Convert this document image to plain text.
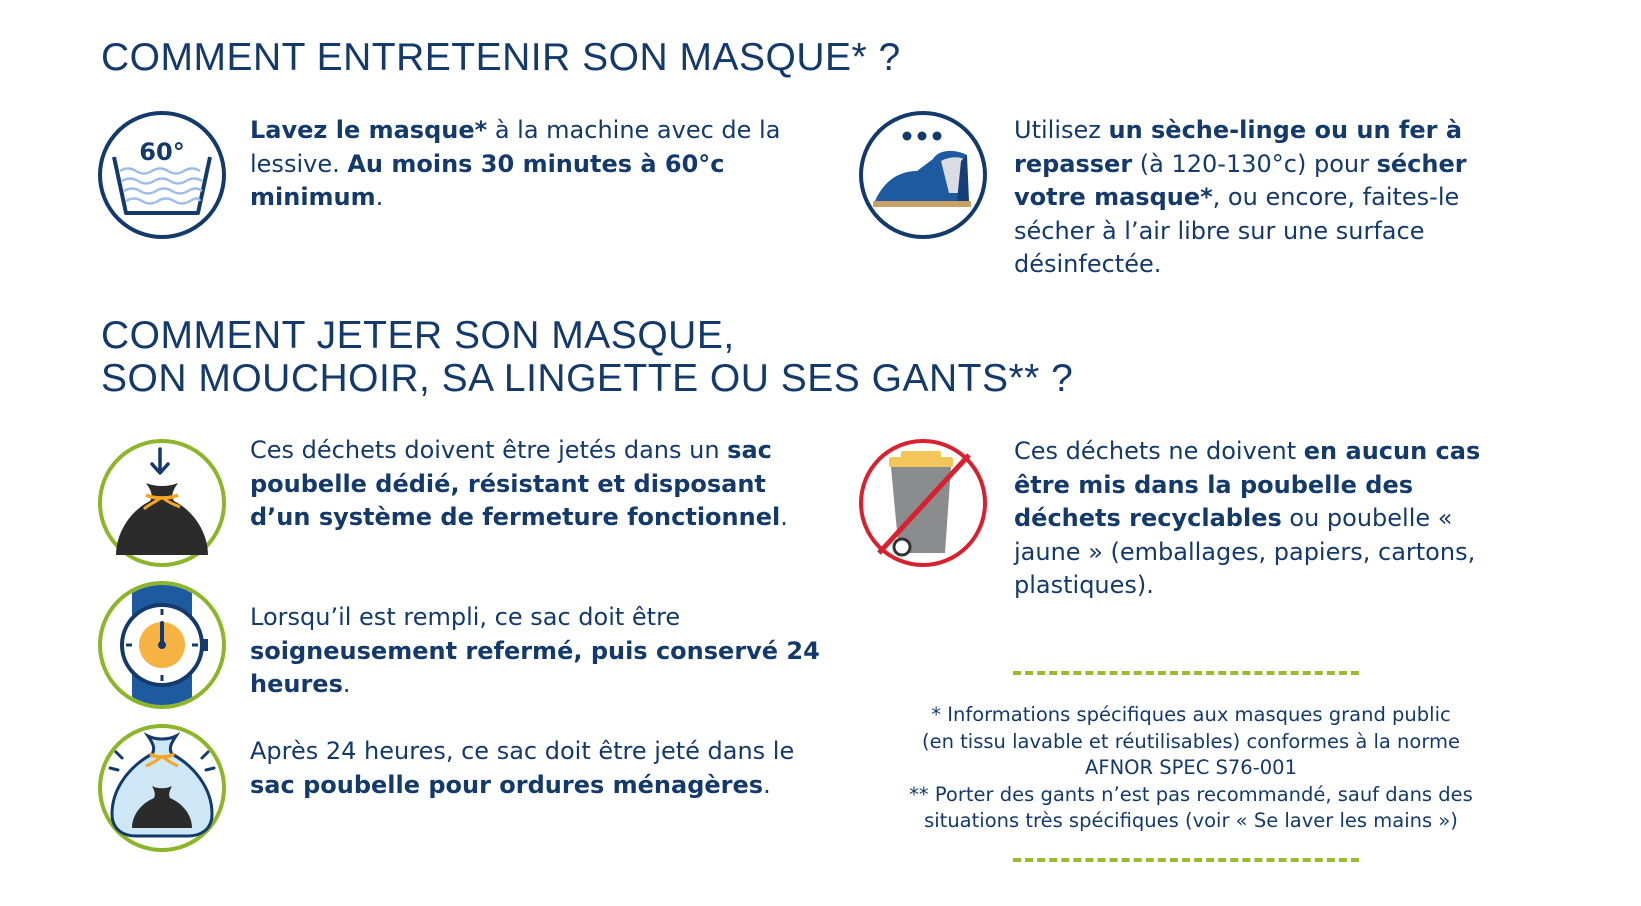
COMMENT ENTRETENIR SON MASQUE* ?
60°

Lavez le masque* à la machine avec de la lessive. Au moins 30 minutes à 60°c minimum.

Utilisez un sèche-linge ou un fer à repasser (à 120-130°c) pour sécher votre masque*, ou encore, faites-le sécher à l’air libre sur une surface désinfectée.

COMMENT JETER SON MASQUE,
SON MOUCHOIR, SA LINGETTE OU SES GANTS** ?

Ces déchets doivent être jetés dans un sac poubelle dédié, résistant et disposant d’un système de fermeture fonctionnel.

Lorsqu’il est rempli, ce sac doit être soigneusement refermé, puis conservé 24 heures.

Après 24 heures, ce sac doit être jeté dans le sac poubelle pour ordures ménagères.

Ces déchets ne doivent en aucun cas être mis dans la poubelle des déchets recyclables ou poubelle « jaune » (emballages, papiers, cartons, plastiques).

* Informations spécifiques aux masques grand public
(en tissu lavable et réutilisables) conformes à la norme
AFNOR SPEC S76-001
** Porter des gants n’est pas recommandé, sauf dans des
situations très spécifiques (voir « Se laver les mains »)
